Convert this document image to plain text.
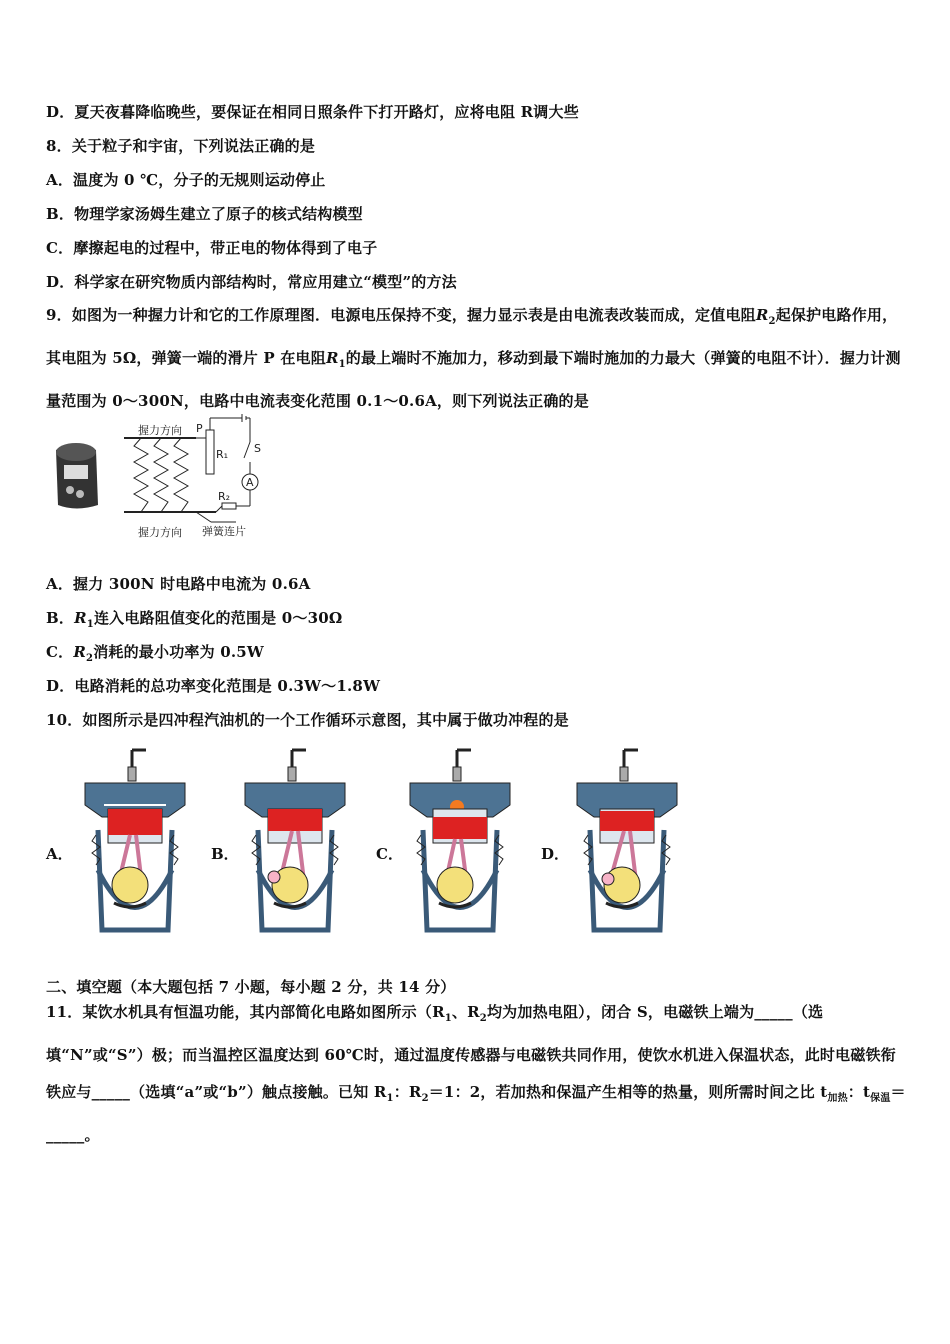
D．夏天夜暮降临晚些，要保证在相同日照条件下打开路灯，应将电阻 R调大些
8．关于粒子和宇宙，下列说法正确的是
A．温度为 0 ℃，分子的无规则运动停止
B．物理学家汤姆生建立了原子的核式结构模型
C．摩擦起电的过程中，带正电的物体得到了电子
D．科学家在研究物质内部结构时，常应用建立“模型”的方法
9．如图为一种握力计和它的工作原理图．电源电压保持不变，握力显示表是由电流表改装而成，定值电阻$R_2$起保护电路作用，其电阻为 5Ω，弹簧一端的滑片 P 在电阻$R_1$的最上端时不施加力，移动到最下端时施加的力最大（弹簧的电阻不计）．握力计测量范围为 0～300N，电路中电流表变化范围 0.1～0.6A，则下列说法正确的是
握力方向
握力方向 弹簧连片
P
R₁
R₂
S
A
A．握力 300N 时电路中电流为 0.6A
B．$R_1$连入电路阻值变化的范围是 0～30Ω
C．$R_2$消耗的最小功率为 0.5W
D．电路消耗的总功率变化范围是 0.3W～1.8W
10．如图所示是四冲程汽油机的一个工作循环示意图，其中属于做功冲程的是
A．	B．	C．	D．
二、填空题（本大题包括 7 小题，每小题 2 分，共 14 分）
11．某饮水机具有恒温功能，其内部简化电路如图所示（$R_1$、$R_2$均为加热电阻），闭合 S，电磁铁上端为_____（选填“N”或“S”）极；而当温控区温度达到 60℃时，通过温度传感器与电磁铁共同作用，使饮水机进入保温状态，此时电磁铁衔铁应与_____（选填“a”或“b”）触点接触。已知 $R_1$：$R_2=1$：2，若加热和保温产生相等的热量，则所需时间之比 $t_{加热}$：$t_{保温}=\_\_\_\_\_$。
